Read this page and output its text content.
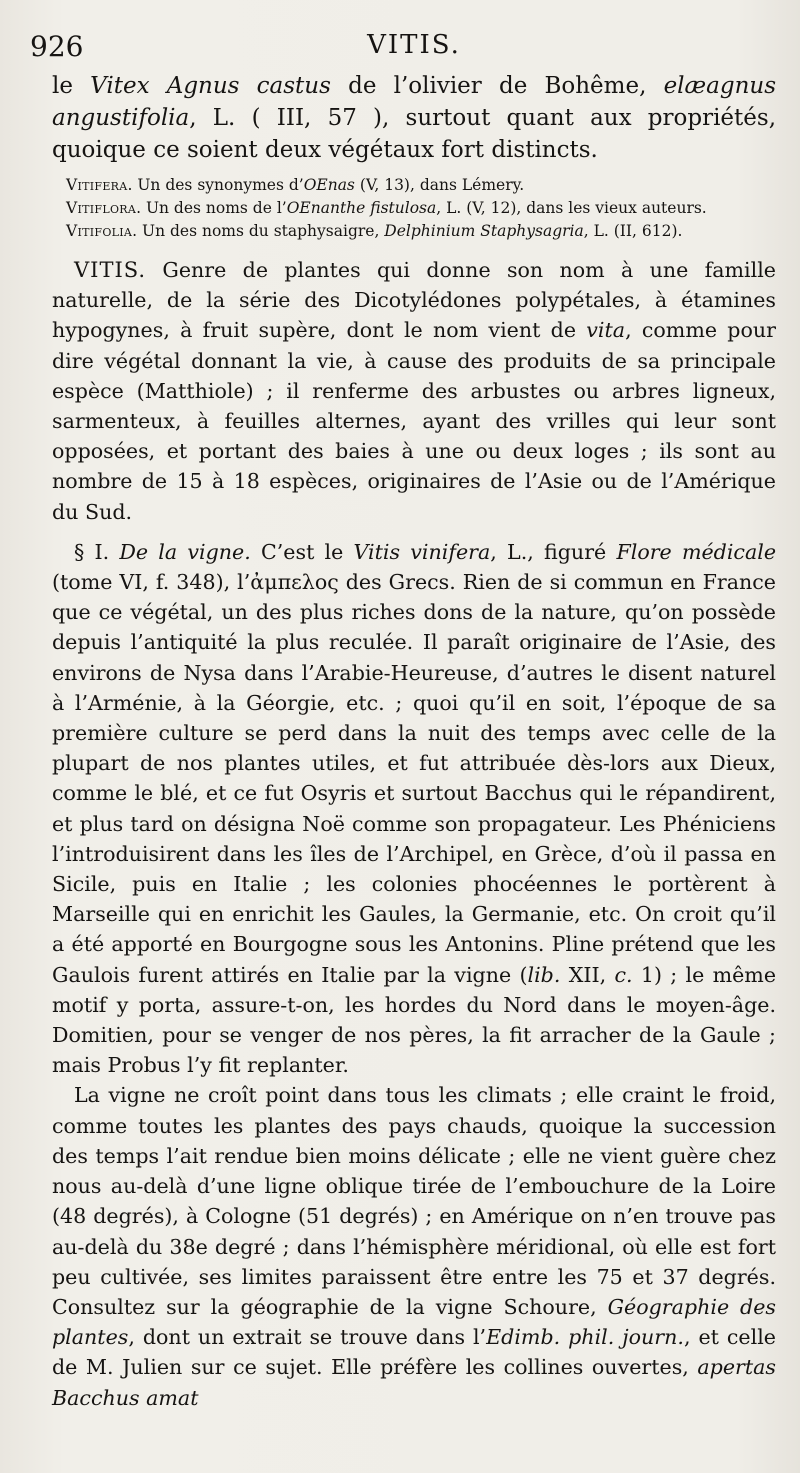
926	VITIS.

le Vitex Agnus castus de l’olivier de Bohême, elæagnus angustifolia, L. ( III, 57 ), surtout quant aux propriétés, quoique ce soient deux végétaux fort distincts.

Vitifera. Un des synonymes d’OEnas (V, 13), dans Lémery.

Vitiflora. Un des noms de l’OEnanthe fistulosa, L. (V, 12), dans les vieux auteurs.

Vitifolia. Un des noms du staphysaigre, Delphinium Staphysagria, L. (II, 612).

VITIS. Genre de plantes qui donne son nom à une famille naturelle, de la série des Dicotylédones polypétales, à étamines hypogynes, à fruit supère, dont le nom vient de vita, comme pour dire végétal donnant la vie, à cause des produits de sa principale espèce (Matthiole) ; il renferme des arbustes ou arbres ligneux, sarmenteux, à feuilles alternes, ayant des vrilles qui leur sont opposées, et portant des baies à une ou deux loges ; ils sont au nombre de 15 à 18 espèces, originaires de l’Asie ou de l’Amérique du Sud.

§ I. De la vigne. C’est le Vitis vinifera, L., figuré Flore médicale (tome VI, f. 348), l’ἀμπελος des Grecs. Rien de si commun en France que ce végétal, un des plus riches dons de la nature, qu’on possède depuis l’antiquité la plus reculée. Il paraît originaire de l’Asie, des environs de Nysa dans l’Arabie-Heureuse, d’autres le disent naturel à l’Arménie, à la Géorgie, etc. ; quoi qu’il en soit, l’époque de sa première culture se perd dans la nuit des temps avec celle de la plupart de nos plantes utiles, et fut attribuée dès-lors aux Dieux, comme le blé, et ce fut Osyris et surtout Bacchus qui le répandirent, et plus tard on désigna Noë comme son propagateur. Les Phéniciens l’introduisirent dans les îles de l’Archipel, en Grèce, d’où il passa en Sicile, puis en Italie ; les colonies phocéennes le portèrent à Marseille qui en enrichit les Gaules, la Germanie, etc. On croit qu’il a été apporté en Bourgogne sous les Antonins. Pline prétend que les Gaulois furent attirés en Italie par la vigne (lib. XII, c. 1) ; le même motif y porta, assure-t-on, les hordes du Nord dans le moyen-âge. Domitien, pour se venger de nos pères, la fit arracher de la Gaule ; mais Probus l’y fit replanter.

La vigne ne croît point dans tous les climats ; elle craint le froid, comme toutes les plantes des pays chauds, quoique la succession des temps l’ait rendue bien moins délicate ; elle ne vient guère chez nous au-delà d’une ligne oblique tirée de l’embouchure de la Loire (48 degrés), à Cologne (51 degrés) ; en Amérique on n’en trouve pas au-delà du 38e degré ; dans l’hémisphère méridional, où elle est fort peu cultivée, ses limites paraissent être entre les 75 et 37 degrés. Consultez sur la géographie de la vigne Schoure, Géographie des plantes, dont un extrait se trouve dans l’Edimb. phil. journ., et celle de M. Julien sur ce sujet. Elle préfère les collines ouvertes, apertas Bacchus amat
